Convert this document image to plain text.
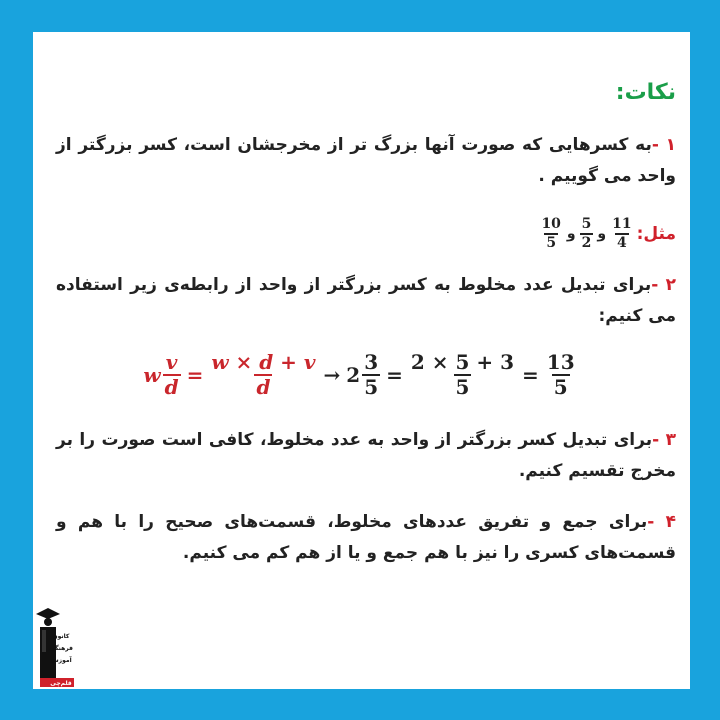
نکات:
۱ -به کسرهایی که صورت آنها بزرگ تر از مخرجشان است، کسر بزرگتر از واحد می گوییم .
مثل:
$\frac{11}{4}$
و
$\frac{5}{2}$
و
$\frac{10}{5}$
۲ -برای تبدیل عدد مخلوط به کسر بزرگتر از واحد از رابطه‌ی زیر استفاده می کنیم:
w $\frac{v}{d} = \frac{w \times d + v}{d} \to 2 \frac{3}{5} = \frac{2 \times 5 + 3}{5} = \frac{13}{5}$
۳ -برای تبدیل کسر بزرگتر از واحد به عدد مخلوط، کافی است صورت را بر مخرج تقسیم کنیم.
۴ -برای جمع و تفریق عددهای مخلوط، قسمت‌های صحیح را با هم و قسمت‌های کسری را نیز با هم جمع و یا از هم کم می کنیم.
کانون
فرهنگی
آموزش
قلم‌چی
